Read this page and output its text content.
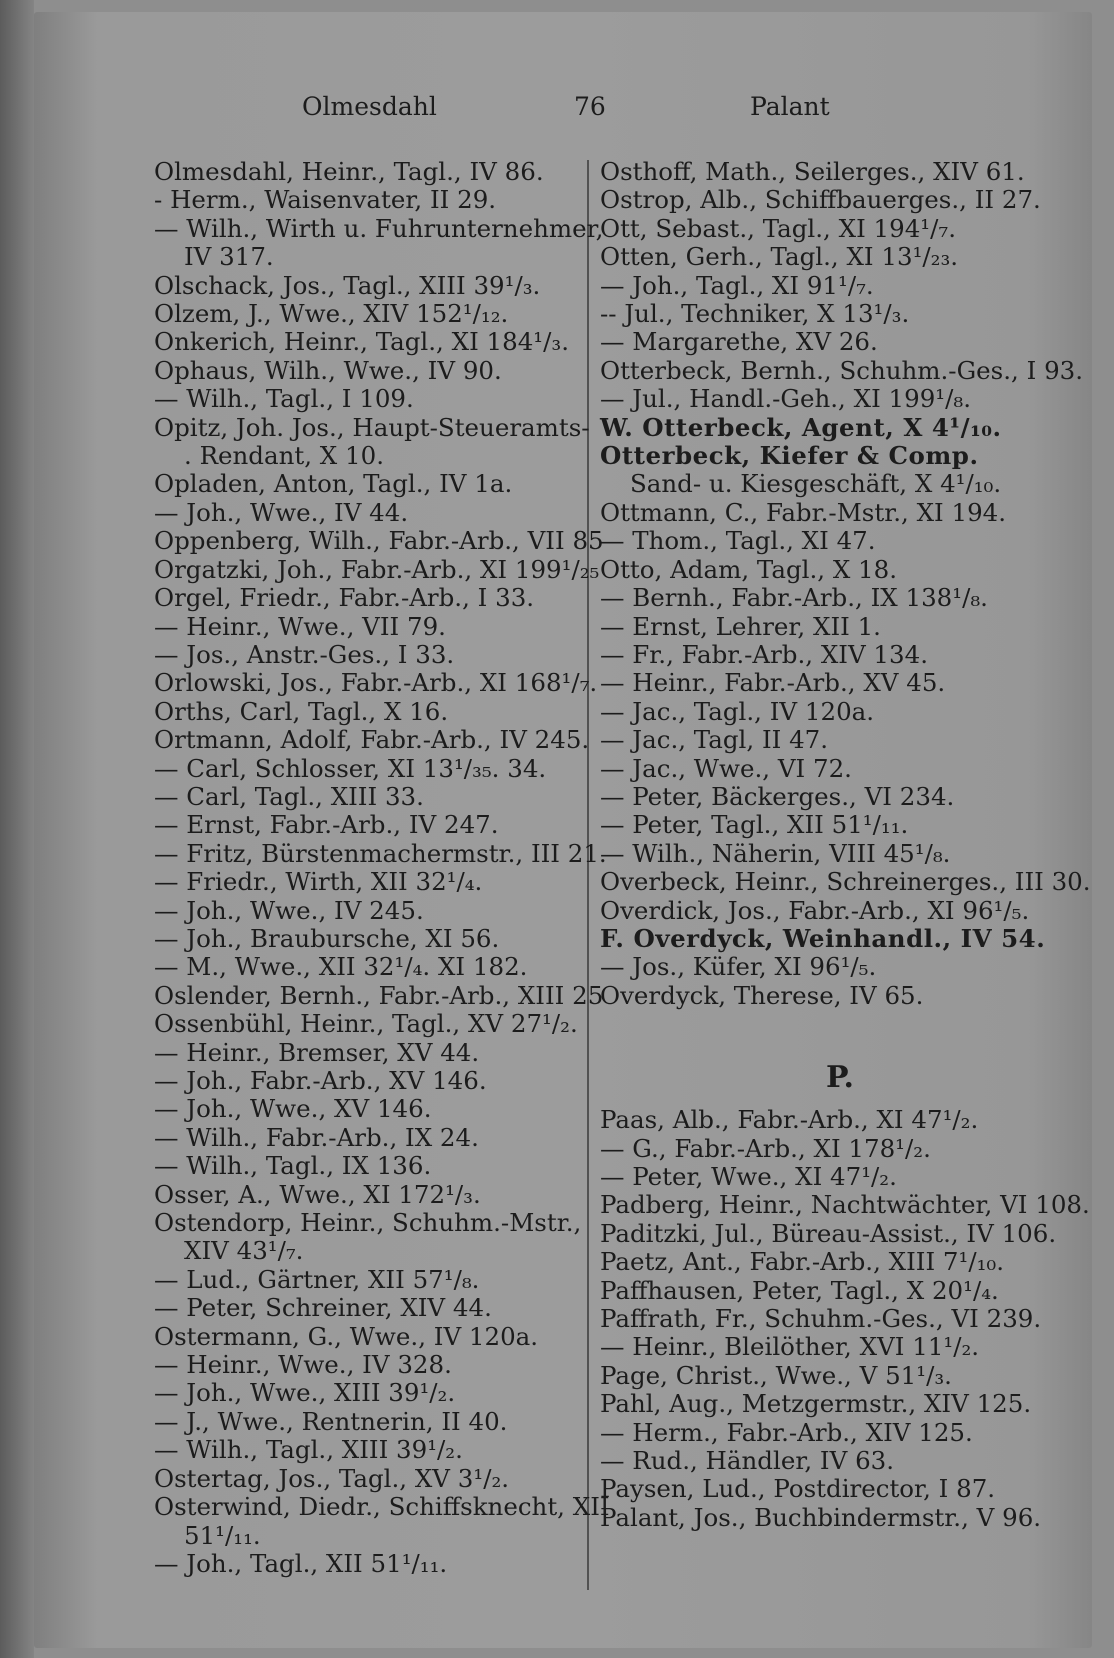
Olmesdahl	76	Palant
Olmesdahl, Heinr., Tagl., IV 86.
- Herm., Waisenvater, II 29.
— Wilh., Wirth u. Fuhrunternehmer,
IV 317.
Olschack, Jos., Tagl., XIII 39¹/₃.
Olzem, J., Wwe., XIV 152¹/₁₂.
Onkerich, Heinr., Tagl., XI 184¹/₃.
Ophaus, Wilh., Wwe., IV 90.
— Wilh., Tagl., I 109.
Opitz, Joh. Jos., Haupt-Steueramts-
. Rendant, X 10.
Opladen, Anton, Tagl., IV 1a.
— Joh., Wwe., IV 44.
Oppenberg, Wilh., Fabr.-Arb., VII 85
Orgatzki, Joh., Fabr.-Arb., XI 199¹/₂₅
Orgel, Friedr., Fabr.-Arb., I 33.
— Heinr., Wwe., VII 79.
— Jos., Anstr.-Ges., I 33.
Orlowski, Jos., Fabr.-Arb., XI 168¹/₇.
Orths, Carl, Tagl., X 16.
Ortmann, Adolf, Fabr.-Arb., IV 245.
— Carl, Schlosser, XI 13¹/₃₅. 34.
— Carl, Tagl., XIII 33.
— Ernst, Fabr.-Arb., IV 247.
— Fritz, Bürstenmachermstr., III 21.
— Friedr., Wirth, XII 32¹/₄.
— Joh., Wwe., IV 245.
— Joh., Braubursche, XI 56.
— M., Wwe., XII 32¹/₄. XI 182.
Oslender, Bernh., Fabr.-Arb., XIII 25
Ossenbühl, Heinr., Tagl., XV 27¹/₂.
— Heinr., Bremser, XV 44.
— Joh., Fabr.-Arb., XV 146.
— Joh., Wwe., XV 146.
— Wilh., Fabr.-Arb., IX 24.
— Wilh., Tagl., IX 136.
Osser, A., Wwe., XI 172¹/₃.
Ostendorp, Heinr., Schuhm.-Mstr.,
XIV 43¹/₇.
— Lud., Gärtner, XII 57¹/₈.
— Peter, Schreiner, XIV 44.
Ostermann, G., Wwe., IV 120a.
— Heinr., Wwe., IV 328.
— Joh., Wwe., XIII 39¹/₂.
— J., Wwe., Rentnerin, II 40.
— Wilh., Tagl., XIII 39¹/₂.
Ostertag, Jos., Tagl., XV 3¹/₂.
Osterwind, Diedr., Schiffsknecht, XII
51¹/₁₁.
— Joh., Tagl., XII 51¹/₁₁.
Osthoff, Math., Seilerges., XIV 61.
Ostrop, Alb., Schiffbauerges., II 27.
Ott, Sebast., Tagl., XI 194¹/₇.
Otten, Gerh., Tagl., XI 13¹/₂₃.
— Joh., Tagl., XI 91¹/₇.
-- Jul., Techniker, X 13¹/₃.
— Margarethe, XV 26.
Otterbeck, Bernh., Schuhm.-Ges., I 93.
— Jul., Handl.-Geh., XI 199¹/₈.
W. Otterbeck, Agent, X 4¹/₁₀.
Otterbeck, Kiefer & Comp.
Sand- u. Kiesgeschäft, X 4¹/₁₀.
Ottmann, C., Fabr.-Mstr., XI 194.
— Thom., Tagl., XI 47.
Otto, Adam, Tagl., X 18.
— Bernh., Fabr.-Arb., IX 138¹/₈.
— Ernst, Lehrer, XII 1.
— Fr., Fabr.-Arb., XIV 134.
— Heinr., Fabr.-Arb., XV 45.
— Jac., Tagl., IV 120a.
— Jac., Tagl, II 47.
— Jac., Wwe., VI 72.
— Peter, Bäckerges., VI 234.
— Peter, Tagl., XII 51¹/₁₁.
— Wilh., Näherin, VIII 45¹/₈.
Overbeck, Heinr., Schreinerges., III 30.
Overdick, Jos., Fabr.-Arb., XI 96¹/₅.
F. Overdyck, Weinhandl., IV 54.
— Jos., Küfer, XI 96¹/₅.
Overdyck, Therese, IV 65.
P.
Paas, Alb., Fabr.-Arb., XI 47¹/₂.
— G., Fabr.-Arb., XI 178¹/₂.
— Peter, Wwe., XI 47¹/₂.
Padberg, Heinr., Nachtwächter, VI 108.
Paditzki, Jul., Büreau-Assist., IV 106.
Paetz, Ant., Fabr.-Arb., XIII 7¹/₁₀.
Paffhausen, Peter, Tagl., X 20¹/₄.
Paffrath, Fr., Schuhm.-Ges., VI 239.
— Heinr., Bleilöther, XVI 11¹/₂.
Page, Christ., Wwe., V 51¹/₃.
Pahl, Aug., Metzgermstr., XIV 125.
— Herm., Fabr.-Arb., XIV 125.
— Rud., Händler, IV 63.
Paysen, Lud., Postdirector, I 87.
Palant, Jos., Buchbindermstr., V 96.
